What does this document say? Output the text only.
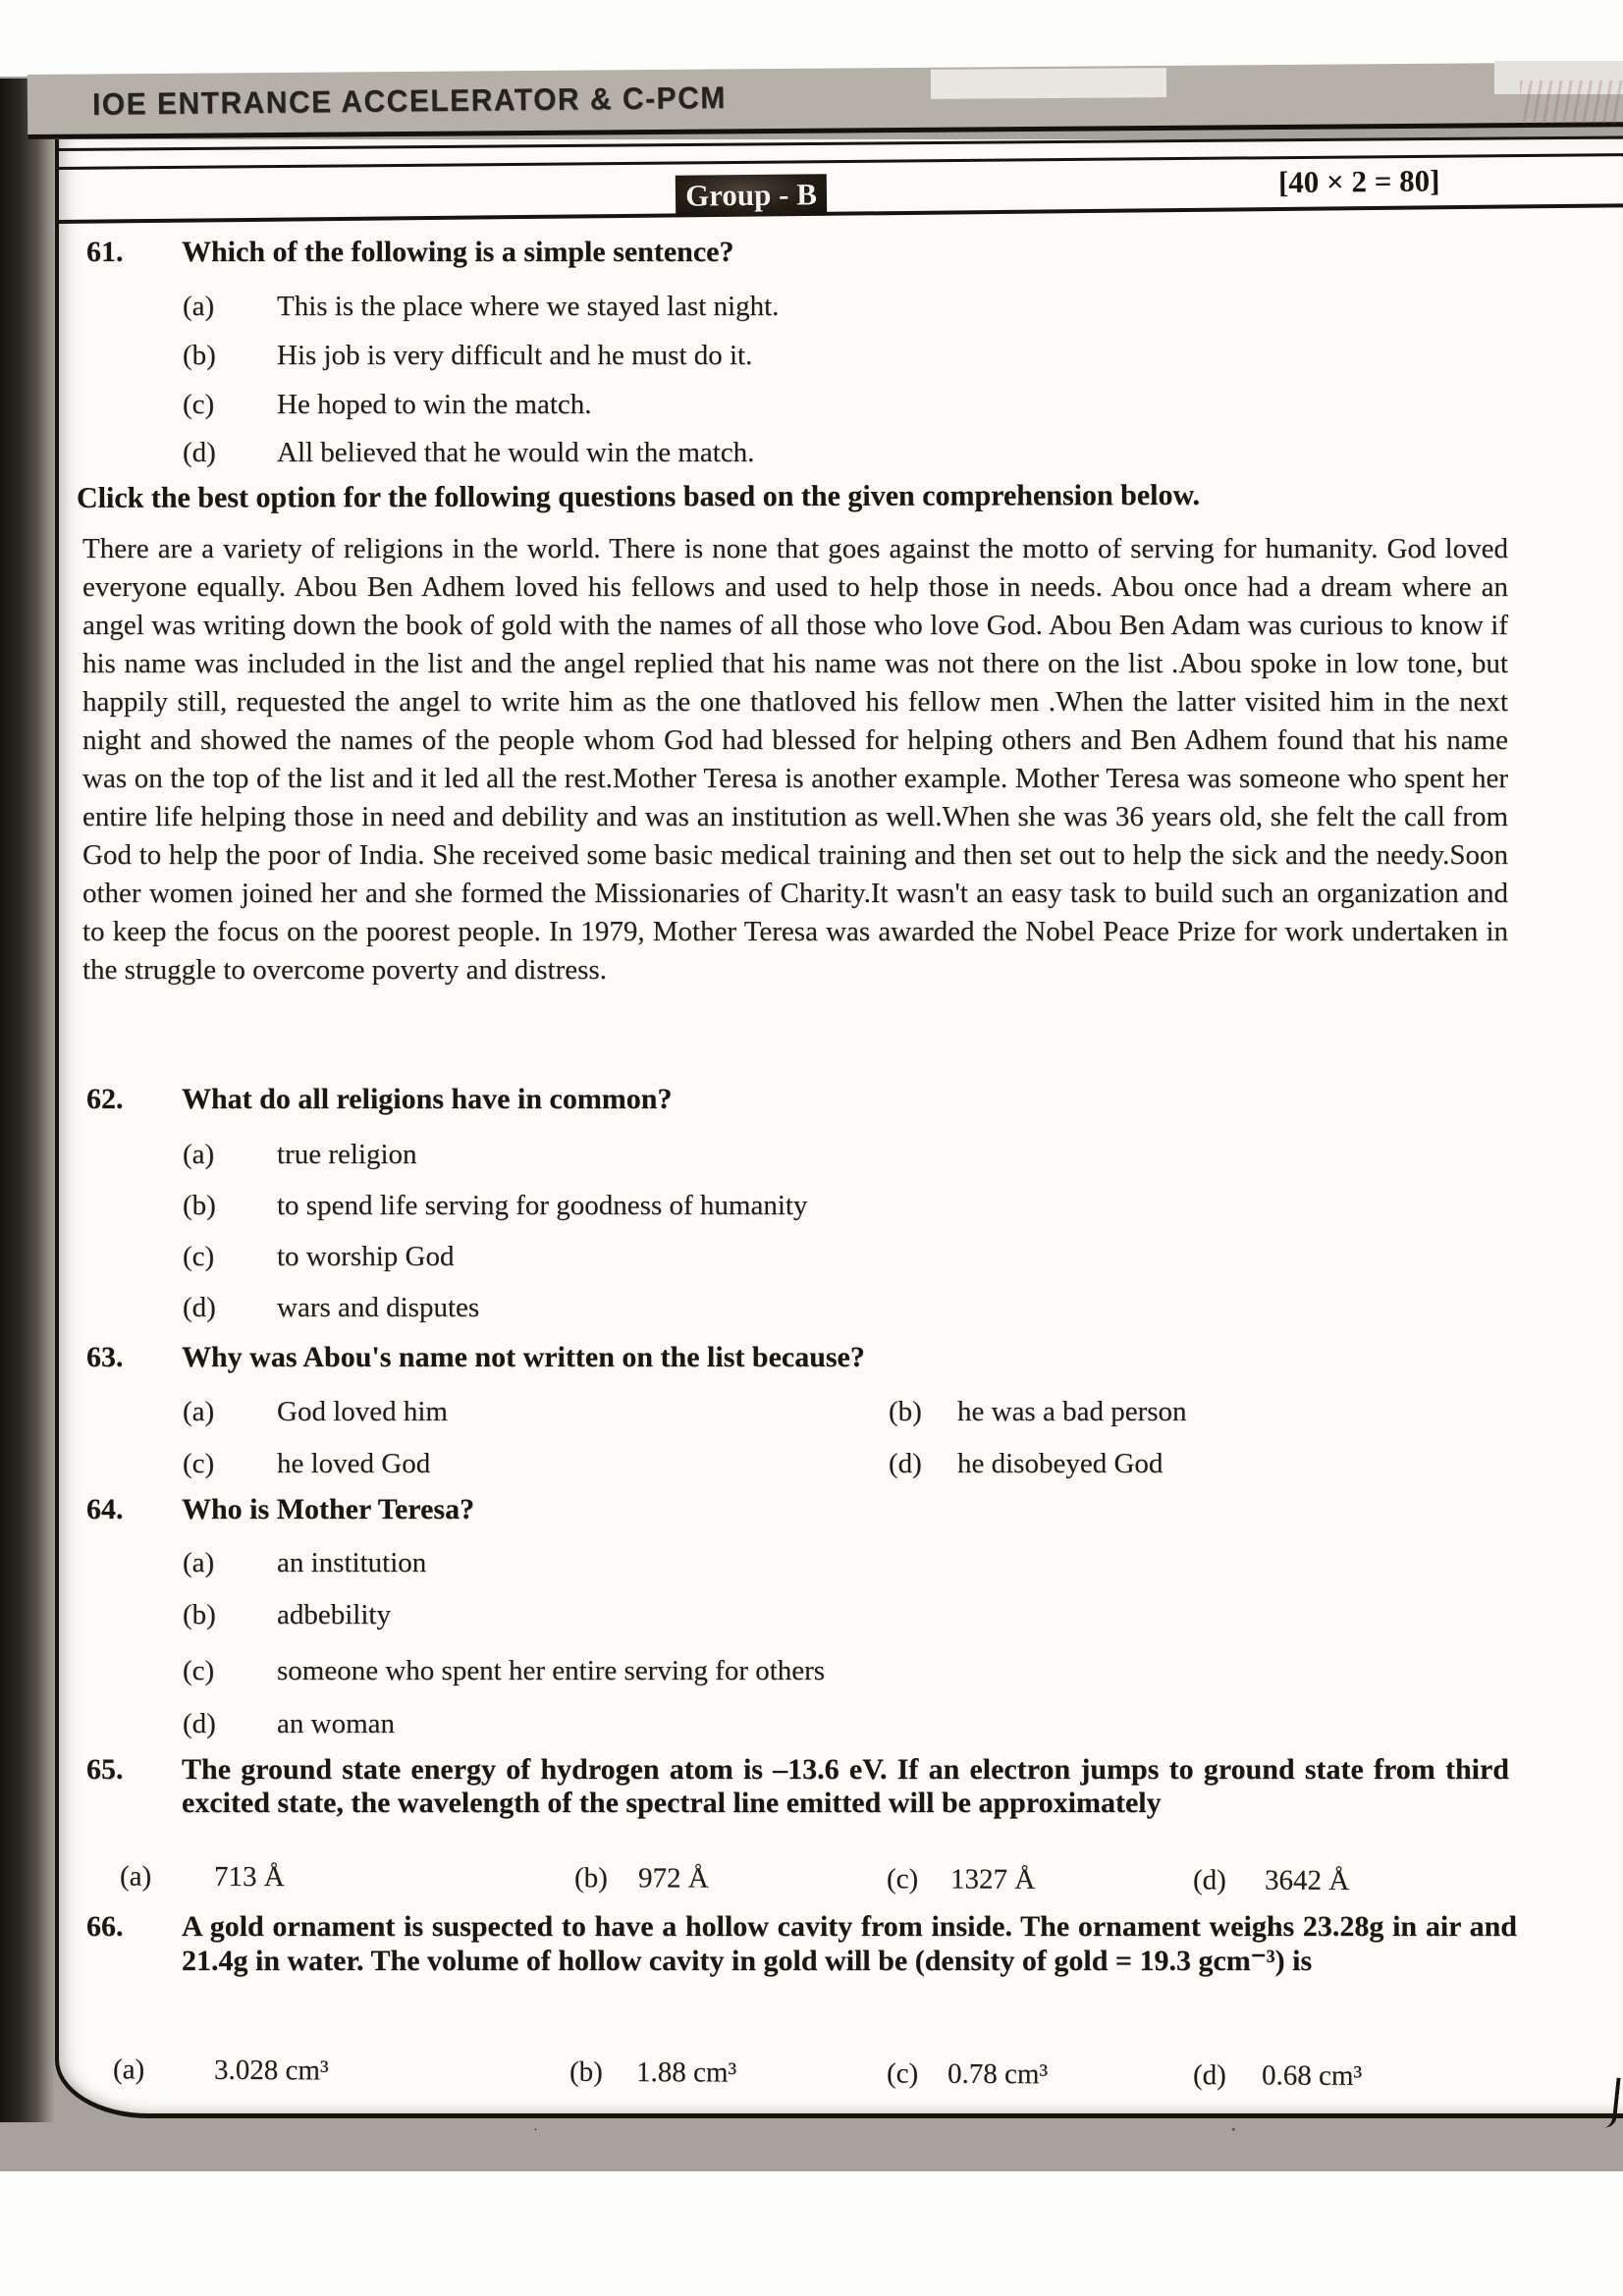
IOE ENTRANCE ACCELERATOR & C-PCM
Group - B	[40 × 2 = 80]
61.	Which of the following is a simple sentence?
(a)	This is the place where we stayed last night.
(b)	His job is very difficult and he must do it.
(c)	He hoped to win the match.
(d)	All believed that he would win the match.
Click the best option for the following questions based on the given comprehension below.
There are a variety of religions in the world. There is none that goes against the motto of serving for humanity. God loved everyone equally. Abou Ben Adhem loved his fellows and used to help those in needs. Abou once had a dream where an angel was writing down the book of gold with the names of all those who love God. Abou Ben Adam was curious to know if his name was included in the list and the angel replied that his name was not there on the list .Abou spoke in low tone, but happily still, requested the angel to write him as the one thatloved his fellow men .When the latter visited him in the next night and showed the names of the people whom God had blessed for helping others and Ben Adhem found that his name was on the top of the list and it led all the rest.Mother Teresa is another example. Mother Teresa was someone who spent her entire life helping those in need and debility and was an institution as well.When she was 36 years old, she felt the call from God to help the poor of India. She received some basic medical training and then set out to help the sick and the needy.Soon other women joined her and she formed the Missionaries of Charity.It wasn't an easy task to build such an organization and to keep the focus on the poorest people. In 1979, Mother Teresa was awarded the Nobel Peace Prize for work undertaken in the struggle to overcome poverty and distress.
62.	What do all religions have in common?
(a)	true religion
(b)	to spend life serving for goodness of humanity
(c)	to worship God
(d)	wars and disputes
63.	Why was Abou's name not written on the list because?
(a)	God loved him	(b)	he was a bad person
(c)	he loved God	(d)	he disobeyed God
64.	Who is Mother Teresa?
(a)	an institution
(b)	adbebility
(c)	someone who spent her entire serving for others
(d)	an woman
65.	The ground state energy of hydrogen atom is –13.6 eV. If an electron jumps to ground state from third excited state, the wavelength of the spectral line emitted will be approximately
(a)	713 Å	(b)	972 Å	(c)	1327 Å	(d)	3642 Å
66.	A gold ornament is suspected to have a hollow cavity from inside. The ornament weighs 23.28g in air and 21.4g in water. The volume of hollow cavity in gold will be (density of gold = 19.3 gcm⁻³) is
(a)	3.028 cm³	(b)	1.88 cm³	(c)	0.78 cm³	(d)	0.68 cm³
